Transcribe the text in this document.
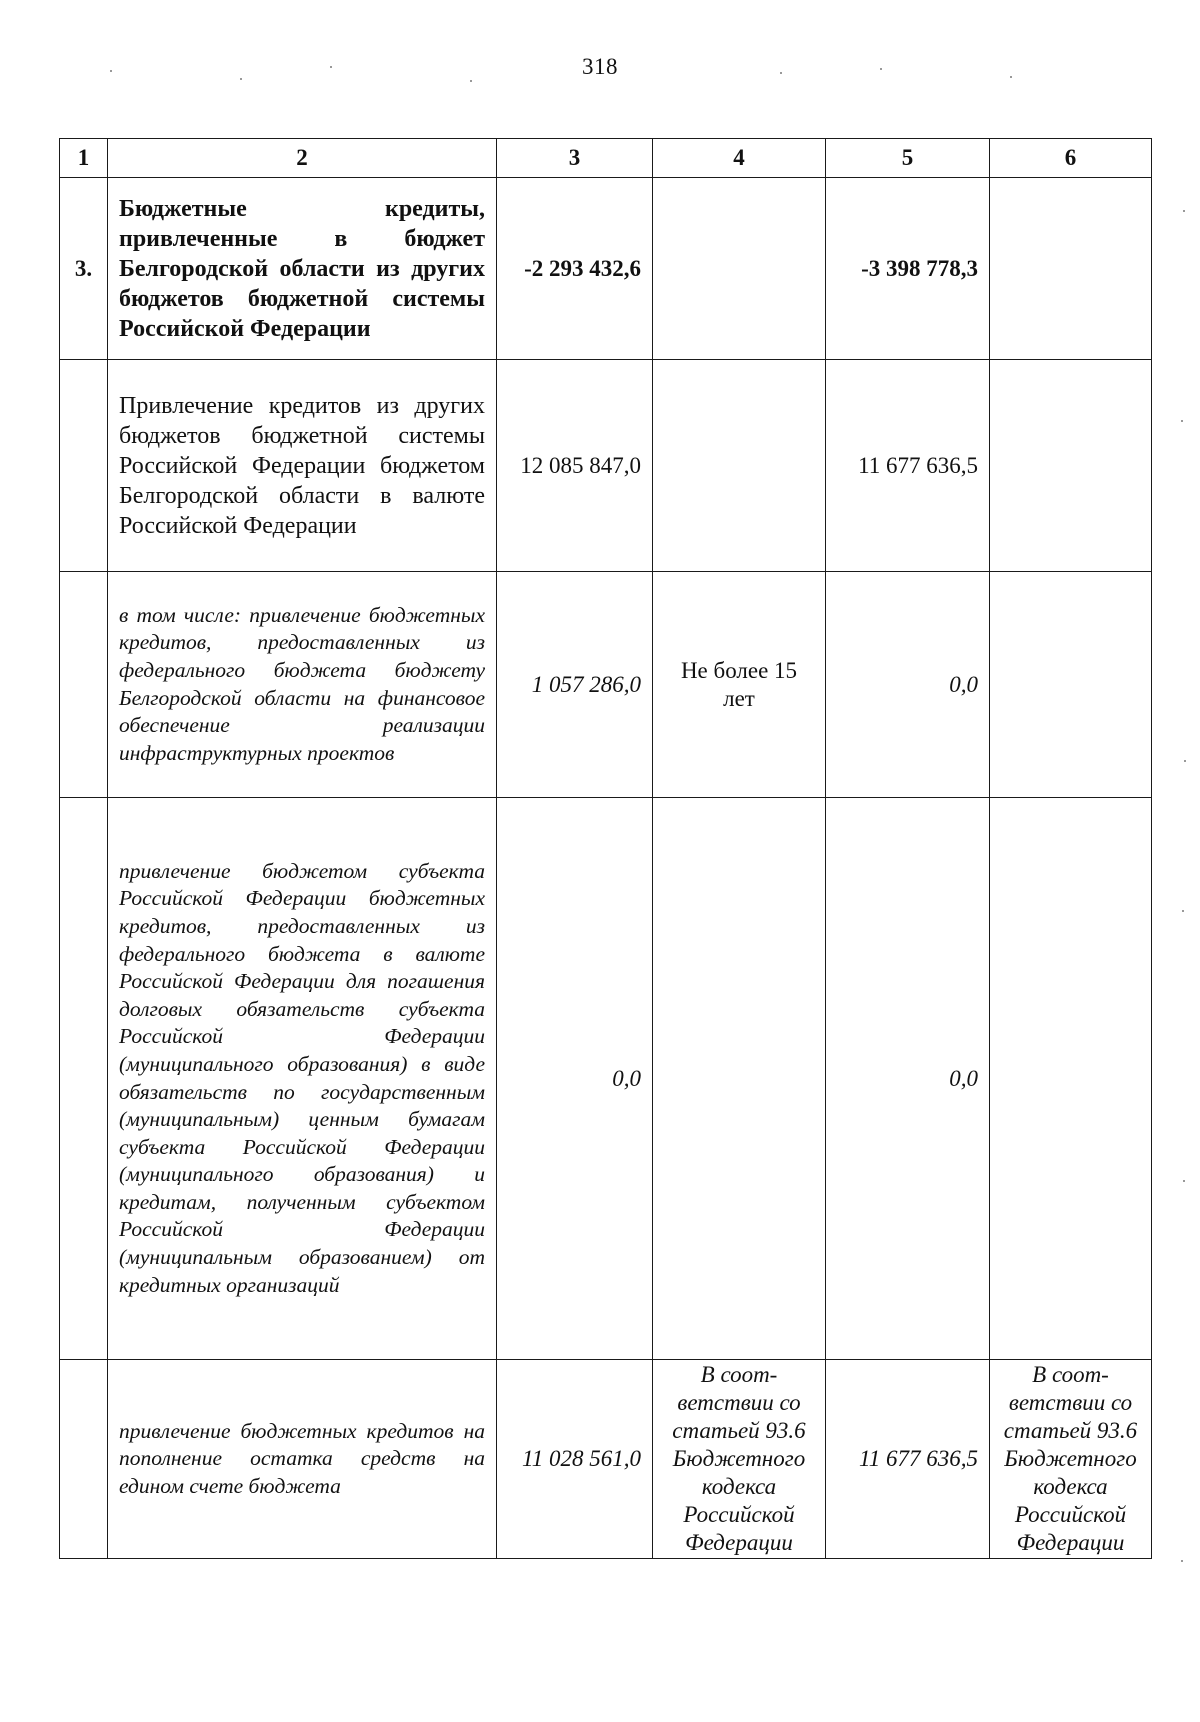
318
1	2	3	4	5	6
3.	Бюджетные кредиты, привлеченные в бюджет Белгородской области из других бюджетов бюджетной системы Российской Федерации	-2 293 432,6		-3 398 778,3	
	Привлечение кредитов из других бюджетов бюджетной системы Российской Федерации бюджетом Белгородской области в валюте Российской Федерации	12 085 847,0		11 677 636,5	
	в том числе: привлечение бюджетных кредитов, предоставленных из федерального бюджета бюджету Белгородской области на финансовое обеспечение реализации инфраструктурных проектов	1 057 286,0	Не более 15 лет	0,0	
	привлечение бюджетом субъекта Российской Федерации бюджетных кредитов, предоставленных из федерального бюджета в валюте Российской Федерации для погашения долговых обязательств субъекта Российской Федерации (муниципального образования) в виде обязательств по государственным (муниципальным) ценным бумагам субъекта Российской Федерации (муниципального образования) и кредитам, полученным субъектом Российской Федерации (муниципальным образованием) от кредитных организаций	0,0		0,0	
	привлечение бюджетных кредитов на пополнение остатка средств на едином счете бюджета	11 028 561,0	В соот-ветствии со статьей 93.6 Бюджетного кодекса Российской Федерации	11 677 636,5	В соот-ветствии со статьей 93.6 Бюджетного кодекса Российской Федерации
